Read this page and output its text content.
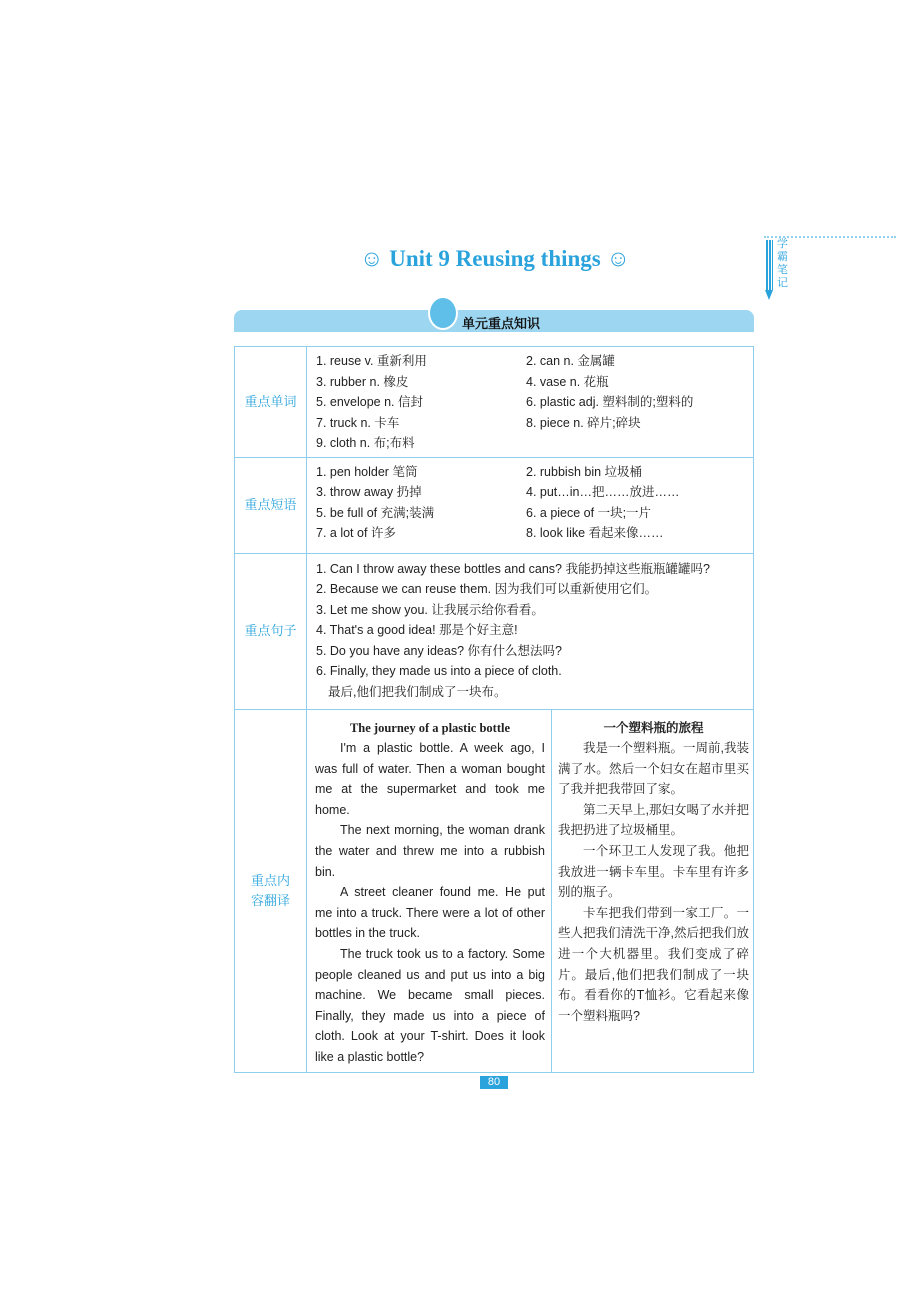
☺ Unit 9 Reusing things ☺
学霸笔记
单元重点知识
重点单词	
1. reuse v. 重新利用	2. can n. 金属罐
3. rubber n. 橡皮	4. vase n. 花瓶
5. envelope n. 信封	6. plastic adj. 塑料制的;塑料的
7. truck n. 卡车	8. piece n. 碎片;碎块
9. cloth n. 布;布料

重点短语	
1. pen holder 笔筒	2. rubbish bin 垃圾桶
3. throw away 扔掉	4. put…in…把……放进……
5. be full of 充满;装满	6. a piece of 一块;一片
7. a lot of 许多	8. look like 看起来像……

重点句子	
1. Can I throw away these bottles and cans? 我能扔掉这些瓶瓶罐罐吗?
2. Because we can reuse them. 因为我们可以重新使用它们。
3. Let me show you. 让我展示给你看看。
4. That's a good idea! 那是个好主意!
5. Do you have any ideas? 你有什么想法吗?
6. Finally, they made us into a piece of cloth.
最后,他们把我们制成了一块布。

重点内容翻译	

The journey of a plastic bottle

I'm a plastic bottle. A week ago, I was full of water. Then a woman bought me at the supermarket and took me home.

The next morning, the woman drank the water and threw me into a rubbish bin.

A street cleaner found me. He put me into a truck. There were a lot of other bottles in the truck.

The truck took us to a factory. Some people cleaned us and put us into a big machine. We became small pieces. Finally, they made us into a piece of cloth. Look at your T-shirt. Does it look like a plastic bottle?

一个塑料瓶的旅程

我是一个塑料瓶。一周前,我装满了水。然后一个妇女在超市里买了我并把我带回了家。

第二天早上,那妇女喝了水并把我把扔进了垃圾桶里。

一个环卫工人发现了我。他把我放进一辆卡车里。卡车里有许多别的瓶子。

卡车把我们带到一家工厂。一些人把我们清洗干净,然后把我们放进一个大机器里。我们变成了碎片。最后,他们把我们制成了一块布。看看你的T恤衫。它看起来像一个塑料瓶吗?

80
